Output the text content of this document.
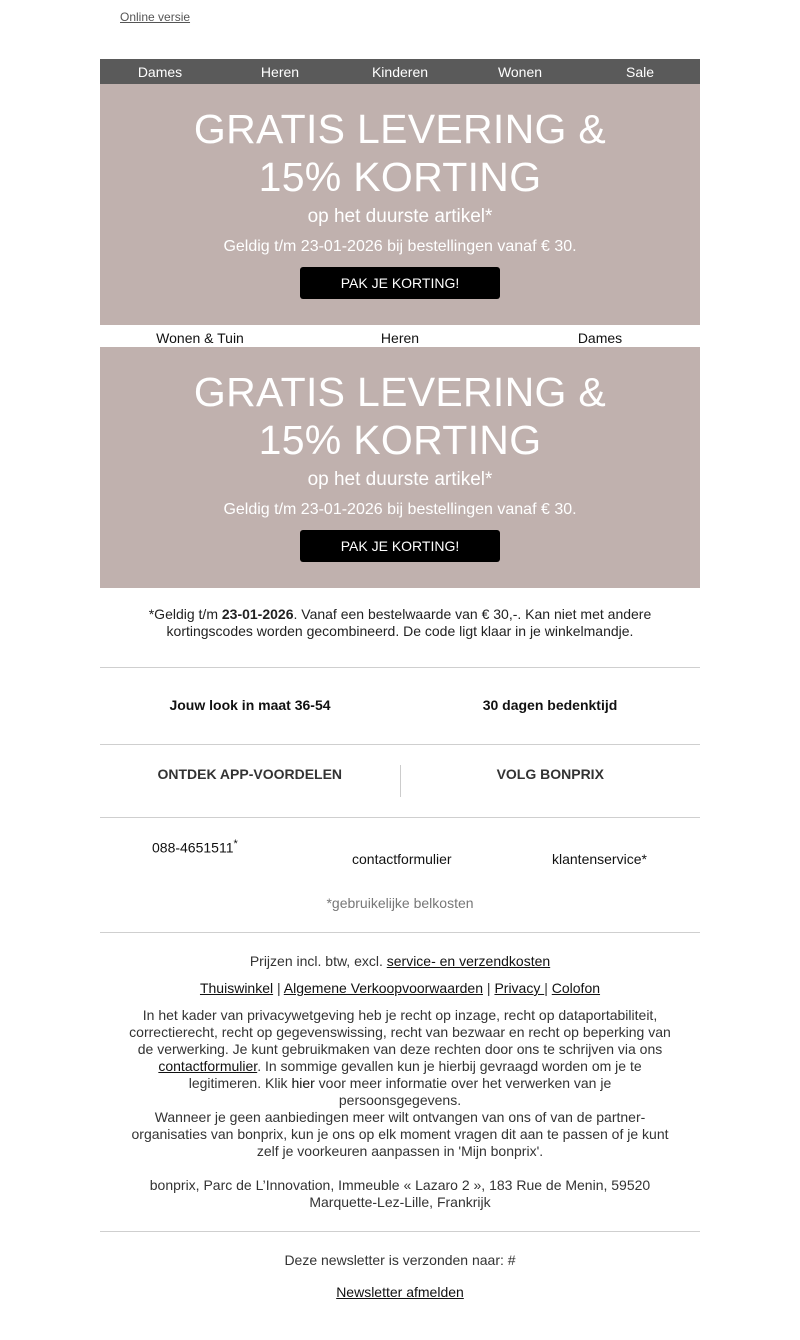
Online versie
Dames	Heren	Kinderen	Wonen	Sale
GRATIS LEVERING &
15% KORTING
op het duurste artikel*
Geldig t/m 23-01-2026 bij bestellingen vanaf € 30.
PAK JE KORTING!
Wonen & Tuin	Heren	Dames
GRATIS LEVERING &
15% KORTING
op het duurste artikel*
Geldig t/m 23-01-2026 bij bestellingen vanaf € 30.
PAK JE KORTING!
*Geldig t/m 23-01-2026. Vanaf een bestelwaarde van € 30,-. Kan niet met andere kortingscodes worden gecombineerd. De code ligt klaar in je winkelmandje.
Jouw look in maat 36-54	30 dagen bedenktijd
ONTDEK APP-VOORDELEN	VOLG BONPRIX
088-4651511*
contactformulier	klantenservice*
*gebruikelijke belkosten
Prijzen incl. btw, excl. service- en verzendkosten
Thuiswinkel | Algemene Verkoopvoorwaarden | Privacy | Colofon
In het kader van privacywetgeving heb je recht op inzage, recht op dataportabiliteit, correctierecht, recht op gegevenswissing, recht van bezwaar en recht op beperking van de verwerking. Je kunt gebruikmaken van deze rechten door ons te schrijven via ons contactformulier. In sommige gevallen kun je hierbij gevraagd worden om je te legitimeren. Klik hier voor meer informatie over het verwerken van je persoonsgegevens.
Wanneer je geen aanbiedingen meer wilt ontvangen van ons of van de partner-organisaties van bonprix, kun je ons op elk moment vragen dit aan te passen of je kunt zelf je voorkeuren aanpassen in 'Mijn bonprix'.
bonprix, Parc de L’Innovation, Immeuble « Lazaro 2 », 183 Rue de Menin, 59520 Marquette-Lez-Lille, Frankrijk
Deze newsletter is verzonden naar: #
Newsletter afmelden
